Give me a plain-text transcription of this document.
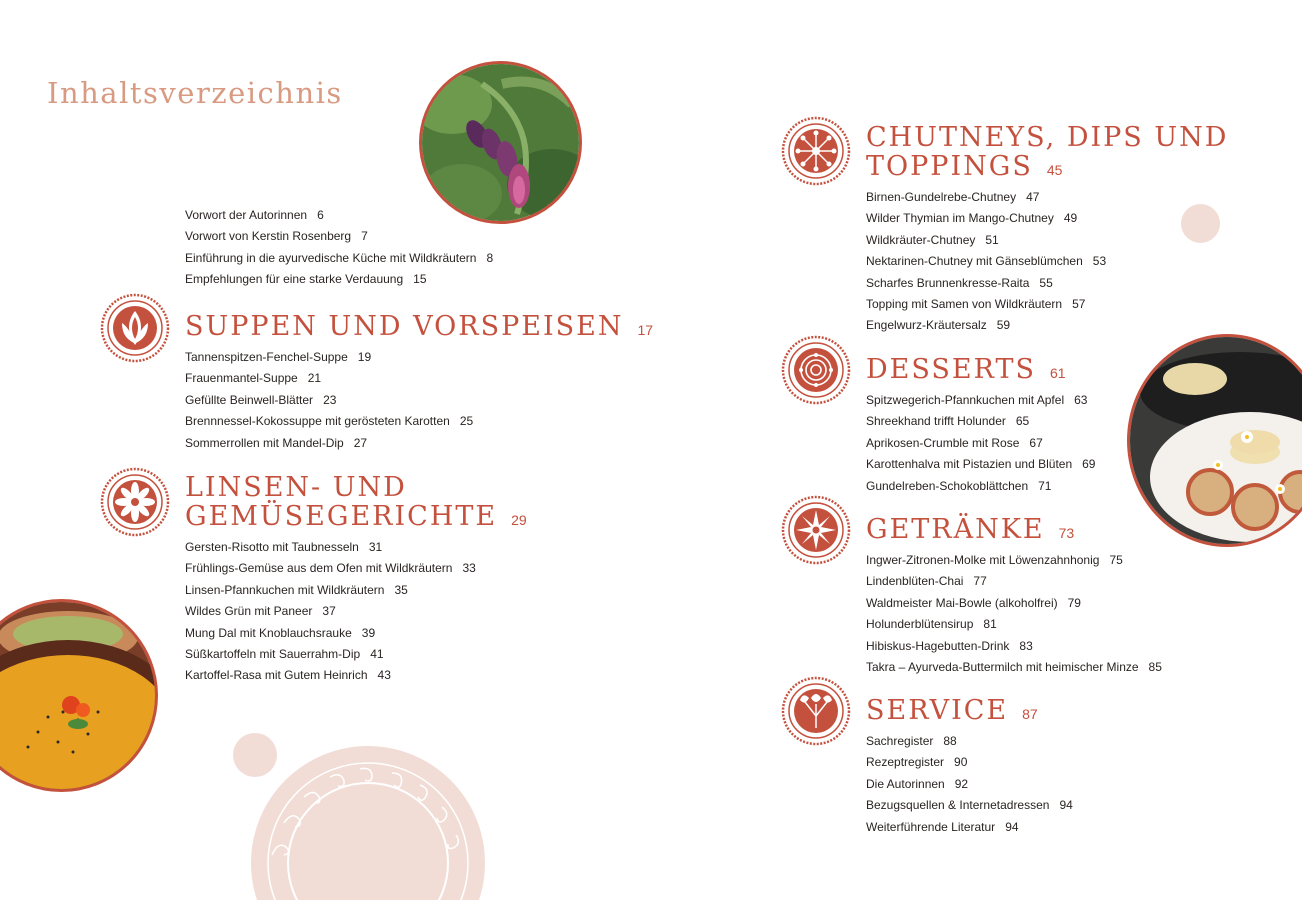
Inhaltsverzeichnis
Vorwort der Autorinnen 6
Vorwort von Kerstin Rosenberg 7
Einführung in die ayurvedische Küche mit Wildkräutern 8
Empfehlungen für eine starke Verdauung 15
SUPPEN UND VORSPEISEN 17
Tannenspitzen-Fenchel-Suppe 19
Frauenmantel-Suppe 21
Gefüllte Beinwell-Blätter 23
Brennnessel-Kokossuppe mit gerösteten Karotten 25
Sommerrollen mit Mandel-Dip 27
LINSEN- UND
GEMÜSEGERICHTE 29
Gersten-Risotto mit Taubnesseln 31
Frühlings-Gemüse aus dem Ofen mit Wildkräutern 33
Linsen-Pfannkuchen mit Wildkräutern 35
Wildes Grün mit Paneer 37
Mung Dal mit Knoblauchsrauke 39
Süßkartoffeln mit Sauerrahm-Dip 41
Kartoffel-Rasa mit Gutem Heinrich 43
CHUTNEYS, DIPS UND
TOPPINGS 45
Birnen-Gundelrebe-Chutney 47
Wilder Thymian im Mango-Chutney 49
Wildkräuter-Chutney 51
Nektarinen-Chutney mit Gänseblümchen 53
Scharfes Brunnenkresse-Raita 55
Topping mit Samen von Wildkräutern 57
Engelwurz-Kräutersalz 59
DESSERTS 61
Spitzwegerich-Pfannkuchen mit Apfel 63
Shreekhand trifft Holunder 65
Aprikosen-Crumble mit Rose 67
Karottenhalva mit Pistazien und Blüten 69
Gundelreben-Schokoblättchen 71
GETRÄNKE 73
Ingwer-Zitronen-Molke mit Löwenzahnhonig 75
Lindenblüten-Chai 77
Waldmeister Mai-Bowle (alkoholfrei) 79
Holunderblütensirup 81
Hibiskus-Hagebutten-Drink 83
Takra – Ayurveda-Buttermilch mit heimischer Minze 85
SERVICE 87
Sachregister 88
Rezeptregister 90
Die Autorinnen 92
Bezugsquellen & Internetadressen 94
Weiterführende Literatur 94
